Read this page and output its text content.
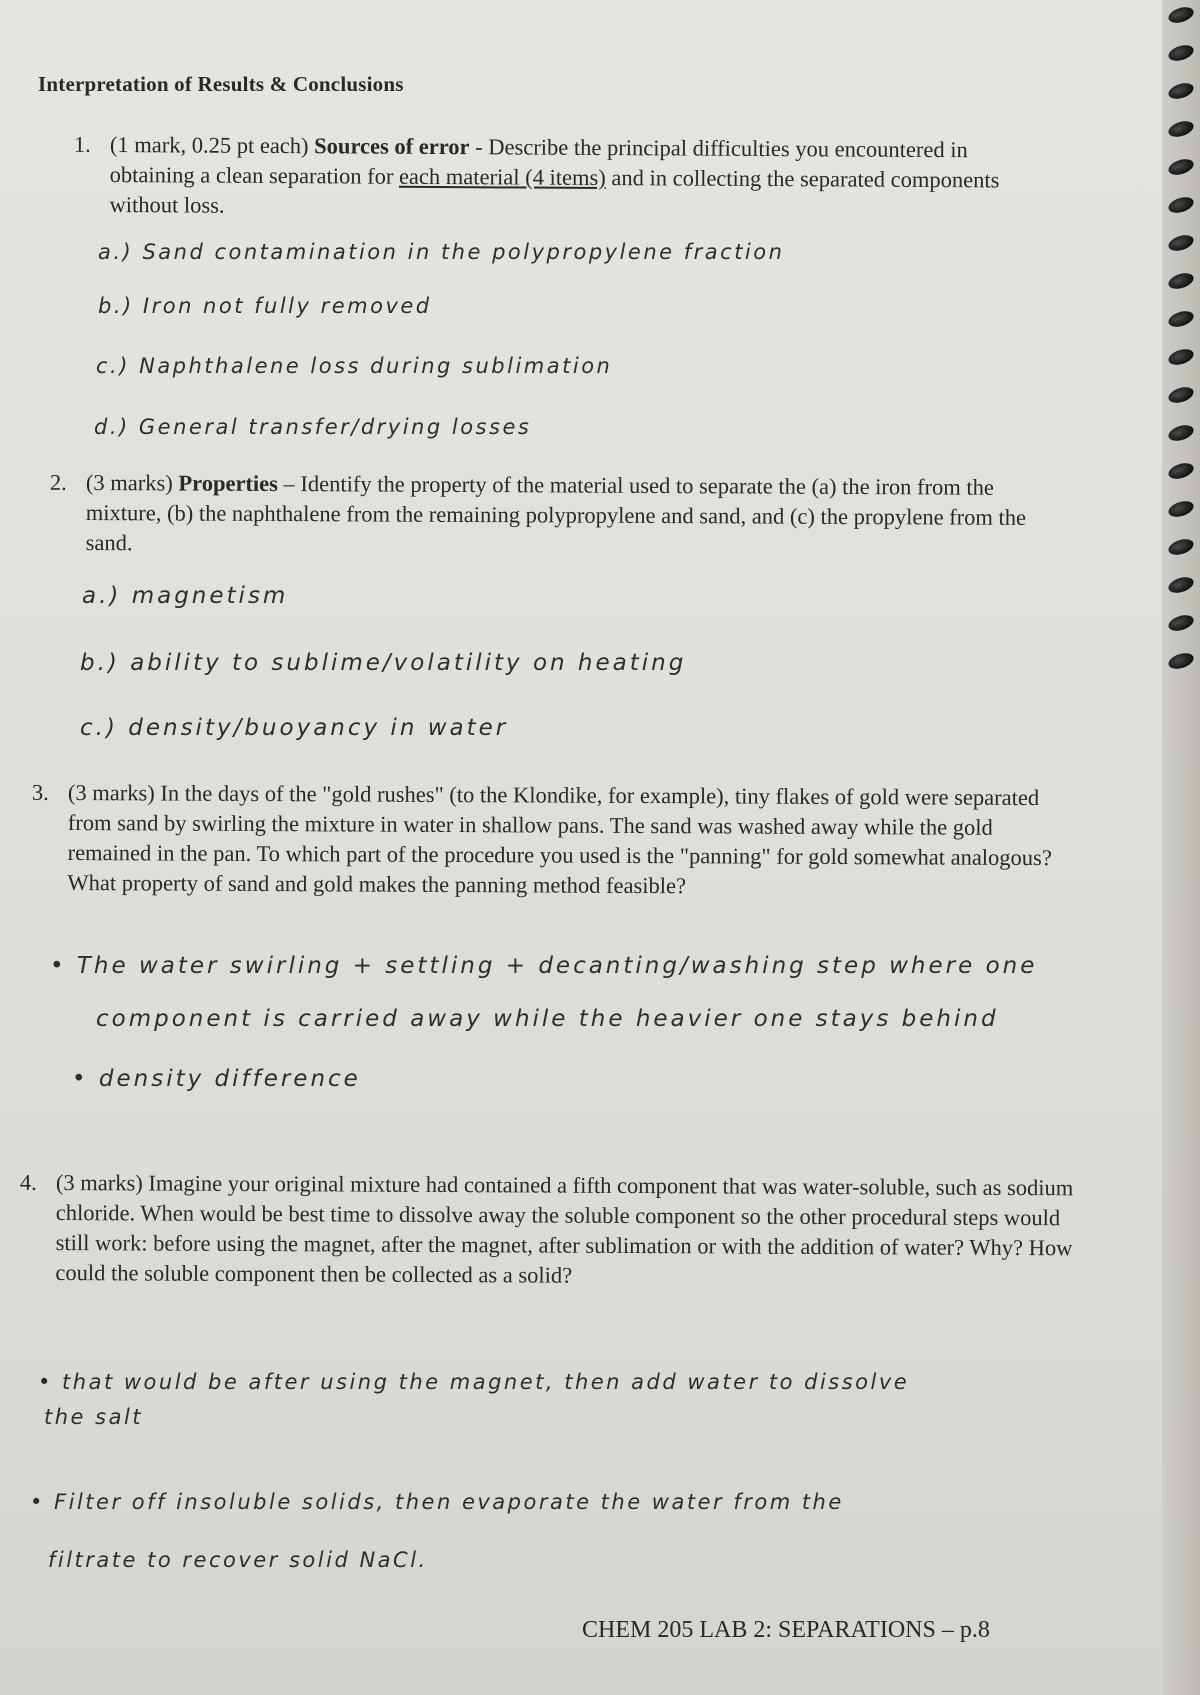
Interpretation of Results & Conclusions
1. (1 mark, 0.25 pt each) Sources of error - Describe the principal difficulties you encountered in obtaining a clean separation for each material (4 items) and in collecting the separated components without loss.
a.) Sand contamination in the polypropylene fraction
b.) Iron not fully removed
c.) Naphthalene loss during sublimation
d.) General transfer/drying losses
2. (3 marks) Properties – Identify the property of the material used to separate the (a) the iron from the mixture, (b) the naphthalene from the remaining polypropylene and sand, and (c) the propylene from the sand.
a.) magnetism
b.) ability to sublime/volatility on heating
c.) density/buoyancy in water
3. (3 marks) In the days of the "gold rushes" (to the Klondike, for example), tiny flakes of gold were separated from sand by swirling the mixture in water in shallow pans. The sand was washed away while the gold remained in the pan. To which part of the procedure you used is the "panning" for gold somewhat analogous? What property of sand and gold makes the panning method feasible?
• The water swirling + settling + decanting/washing step where one
component is carried away while the heavier one stays behind
• density difference
4. (3 marks) Imagine your original mixture had contained a fifth component that was water-soluble, such as sodium chloride. When would be best time to dissolve away the soluble component so the other procedural steps would still work: before using the magnet, after the magnet, after sublimation or with the addition of water? Why? How could the soluble component then be collected as a solid?
• that would be after using the magnet, then add water to dissolve
the salt
• Filter off insoluble solids, then evaporate the water from the
filtrate to recover solid NaCl.
CHEM 205 LAB 2: SEPARATIONS – p.8
